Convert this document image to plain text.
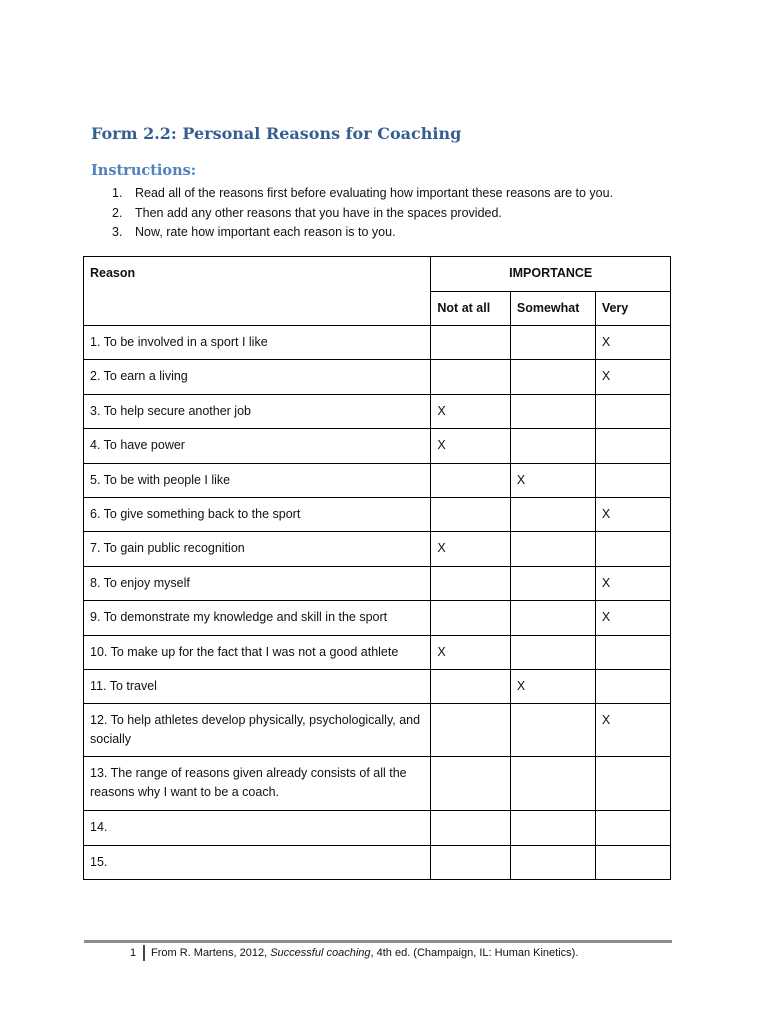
Form 2.2: Personal Reasons for Coaching
Instructions:
1. Read all of the reasons first before evaluating how important these reasons are to you.
2. Then add any other reasons that you have in the spaces provided.
3. Now, rate how important each reason is to you.
Reason	IMPORTANCE		
	Not at all	Somewhat	Very
1. To be involved in a sport I like			X
2. To earn a living			X
3. To help secure another job	X		
4. To have power	X		
5. To be with people I like		X	
6. To give something back to the sport			X
7. To gain public recognition	X		
8. To enjoy myself			X
9. To demonstrate my knowledge and skill in the sport			X
10. To make up for the fact that I was not a good athlete	X		
11. To travel		X	
12. To help athletes develop physically, psychologically, and socially			X
13. The range of reasons given already consists of all the reasons why I want to be a coach.			
14.			
15.			
1	From R. Martens, 2012, Successful coaching, 4th ed. (Champaign, IL: Human Kinetics).
